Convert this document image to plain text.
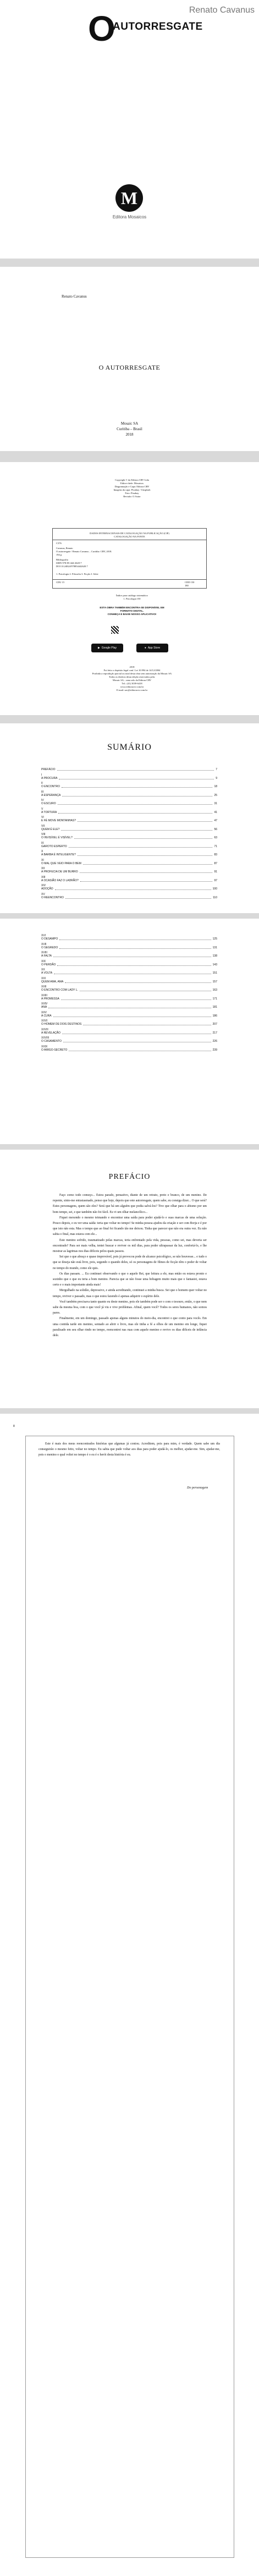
Renato Cavanus
O
AUTORRESGATE
M
Editora Mosaicos
Renato Cavanus
O AUTORRESGATE
Mosaic SA
Curitiba – Brasil
2018
Copyright © da Editora CRV Ltda
Editor-chefe: Mosaicos
Diagramação e Capa: Editora CRV
Imagens da capa: Pixabay / Unsplash
Foto: Pixabay
Revisão: O Autor
DADOS INTERNACIONAIS DE CATALOGAÇÃO NA PUBLICAÇÃO (CIP)
CATALOGAÇÃO NA FONTE
C376
Cavanus, Renato
O autorresgate / Renato Cavanus – Curitiba: CRV, 2018.
194 p.
Bibliografia
ISBN 978-85-444-2620-7
DOI 10.24824/978854442620.7
1. Psicologia 2. Filosofia 3. Ficção I. Série
CDU 15	CDD 150
180
Índice para catálogo sistemático
1. Psicologia 150
ESTA OBRA TAMBÉM ENCONTRA-SE DISPONÍVEL EM
FORMATO DIGITAL.
CONHEÇA E BAIXE NOSSO APLICATIVO!
▶ Google Play	● App Store
2018
Foi feito o depósito legal conf. Lei 10.994 de 14/12/2004
Proibida a reprodução parcial ou total desta obra sem autorização da Mosaic SA
Todos os direitos desta edição reservados pela:
Mosaic SA – uma selo da Editora CRV
Tel.: (41) 3039-6418
www.editoracrv.com.br
E-mail: sac@editoracrv.com.br
SUMÁRIO
PREFÁCIO	7
I
A PROCURA	9
II
O ENCONTRO	18
III
A ESPERANÇA	25
IV
O ESCURO	31
V
A TORTURA	41
VI
E FÉ MOVE MONTANHAS?	47
VII
QUEM É ELE?	56
VIII
O INVISÍVEL É VISÍVEL?	63
IX
GAROTO ESPERTO	71
X
A BARBA É INTELIGENTE?	83
XI
O MAL QUE VEIO PARA O BEM	87
XII
A PROFECIA DE UM BURRO	91
XIII
A OCASIÃO FAZ O LADRÃO?	97
XIV
ADOÇÃO	100
XV
O REENCONTRO	110
XVI
O DESAMPO	125
XVII
O SEGREDO	131
XVIII
A FALTA	138
XIX
O PERDÃO	143
XX
A VOLTA	151
XXI
QUEM AMA, AMA	157
XXII
O ENCONTRO COM LADY L.	163
XXIII
A PROMESSA	171
XXIV
ANA	181
XXV
A CURA	186
XXVI
O HOMEM DE DOIS DESTINOS	207
XXVII
A REVELAÇÃO	217
XXVIII
O CASAMENTO	226
XXIX
O AMIGO-SECRETO	239
PREFÁCIO

Faço como todo começo... Estou parado, pensativo, diante de um retrato, preto e branco, de um menino. De repente, sinto-me entusiasmado, penso que hoje, depois que este autorresgate, quem sabe, eu consiga dizer... O que será? Estes personagens, quem são eles? Será que há um alguém que podia salvá-los? Tive que olhar para o abismo por um bom tempo, sei, e que também não foi fácil. Eu vi um olhar melancólico...

Fiquei mexendo o mesmo teimando e encontrar uma saída para poder ajudá-lo e suas marcas de uma solução. Pouco depois, e eu ver uma saída: teria que voltar no tempo! Se minha pessoa ajudou da criação e ser com Borja e é por que isto não esta. Mas o tempo que ao final foi ficando tão me deixou. Tinha que parecer que não era outra vez. Eu não sabia o final, mas estava com ele...

Este menino sofrido, traumatizado pelas marcas, teria enfrentado pela vida, pessoas, como sei, mas deveria ser encontrado? Para ser mais velha, tentei buscar e reviver os mil dias, para poder ultrapassar da luz, confortá-lo, e lhe mostrar as lagrimas nos dias difíceis pelos quais passou.

Sei que o que abraço e quase improvável, pois já provocou pode de alcance psicológico, se não houvesse... e tudo o que se deseja não está livre, pois, segundo o quando deles, só os personagens de filmes de ficção têm o poder de voltar no tempo do mundo, como ele quis.

Os dias passam. ... Eu continuei observando o que o aquele Rei, que leitura a ele, mas então eu estava pronto e sozinho que o que eu teria a bom menino. Parecia que se não fosse uma bobagem muito mais que o fantasiei, estava certo e o mais importante ainda mais!

Mergulhado na solidão, depressivo, e ainda acreditando, continuei a minha busca. Sei que o homem quer voltar no tempo, reviver o passado, mas o que estou fazendo é apenas adquirir o espírito dele.

Você também precisava tanto quanto eu deste menino, pois ele também pode ser o com o tesouro, então, o que nem sabe da mesma boa, com o que você já viu e vive problemas. Afinal, quem você? Todos os seres humanos, não somos pares.

Finalmente, em um domingo, passado apenas alguns minutos do meio-dia, encontrei o que conto para vocês. Em uma contida tarde em menino, sentado ao abrir o livro, mas ele tinha a fé a olhos de um menino em longe, fiquei paralisado em seu olhar rindo no tempo, reencontrei nas ruas com aquele menino e revivo os dias difíceis de infância dele.

8

Este é mais dos meus reencontrados histórias que algumas já contou. Acreditem, pois para mim, é verdade. Quem sabe um dia conseguirão o mesmo feito, voltar no tempo. Eu sabia que pude voltar aos dias para poder ajudá-lo, os melhor, ajudar-me. Sim, ajudar-me, pois o menino o qual voltei no tempo é o eu é o herói desta história é eu.

Do personagem
